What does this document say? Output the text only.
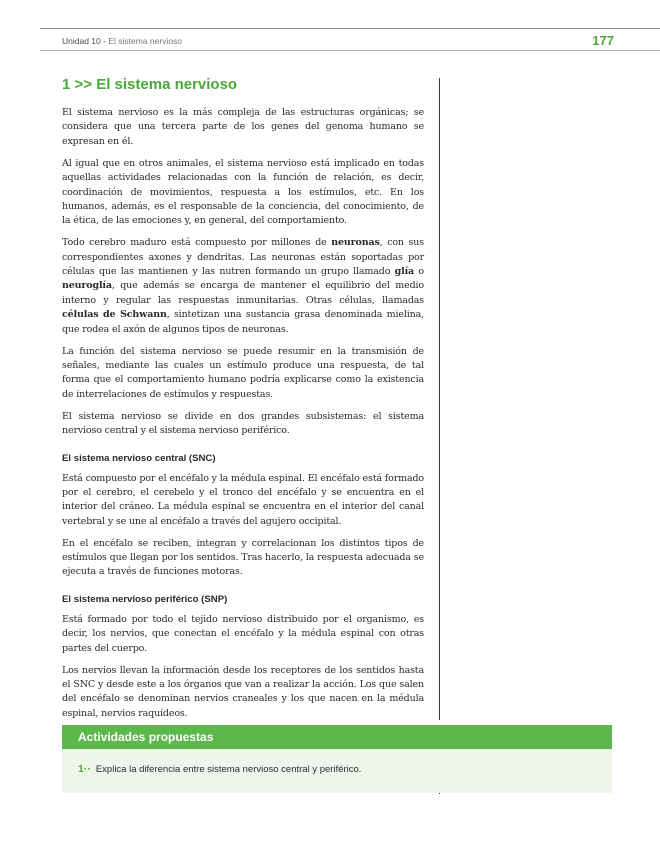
Unidad 10 - El sistema nervioso	177
1 >> El sistema nervioso

El sistema nervioso es la más compleja de las estructuras orgánicas; se considera que una tercera parte de los genes del genoma humano se expresan en él.

Al igual que en otros animales, el sistema nervioso está implicado en todas aquellas actividades relacionadas con la función de relación, es decir, coordinación de movimientos, respuesta a los estímulos, etc. En los humanos, además, es el responsable de la conciencia, del conocimiento, de la ética, de las emociones y, en general, del comportamiento.

Todo cerebro maduro está compuesto por millones de neuronas, con sus correspondientes axones y dendritas. Las neuronas están soportadas por células que las mantienen y las nutren formando un grupo llamado glía o neuroglía, que además se encarga de mantener el equilibrio del medio interno y regular las respuestas inmunitarias. Otras células, llamadas células de Schwann, sintetizan una sustancia grasa denominada mielina, que rodea el axón de algunos tipos de neuronas.

La función del sistema nervioso se puede resumir en la transmisión de señales, mediante las cuales un estímulo produce una respuesta, de tal forma que el comportamiento humano podría explicarse como la existencia de interrelaciones de estímulos y respuestas.

El sistema nervioso se divide en dos grandes subsistemas: el sistema nervioso central y el sistema nervioso periférico.

El sistema nervioso central (SNC)

Está compuesto por el encéfalo y la médula espinal. El encéfalo está formado por el cerebro, el cerebelo y el tronco del encéfalo y se encuentra en el interior del cráneo. La médula espinal se encuentra en el interior del canal vertebral y se une al encéfalo a través del agujero occipital.

En el encéfalo se reciben, integran y correlacionan los distintos tipos de estímulos que llegan por los sentidos. Tras hacerlo, la respuesta adecuada se ejecuta a través de funciones motoras.

El sistema nervioso periférico (SNP)

Está formado por todo el tejido nervioso distribuido por el organismo, es decir, los nervios, que conectan el encéfalo y la médula espinal con otras partes del cuerpo.

Los nervios llevan la información desde los receptores de los sentidos hasta el SNC y desde este a los órganos que van a realizar la acción. Los que salen del encéfalo se denominan nervios craneales y los que nacen en la médula espinal, nervios raquídeos.

Actividades propuestas
1·· Explica la diferencia entre sistema nervioso central y periférico.
